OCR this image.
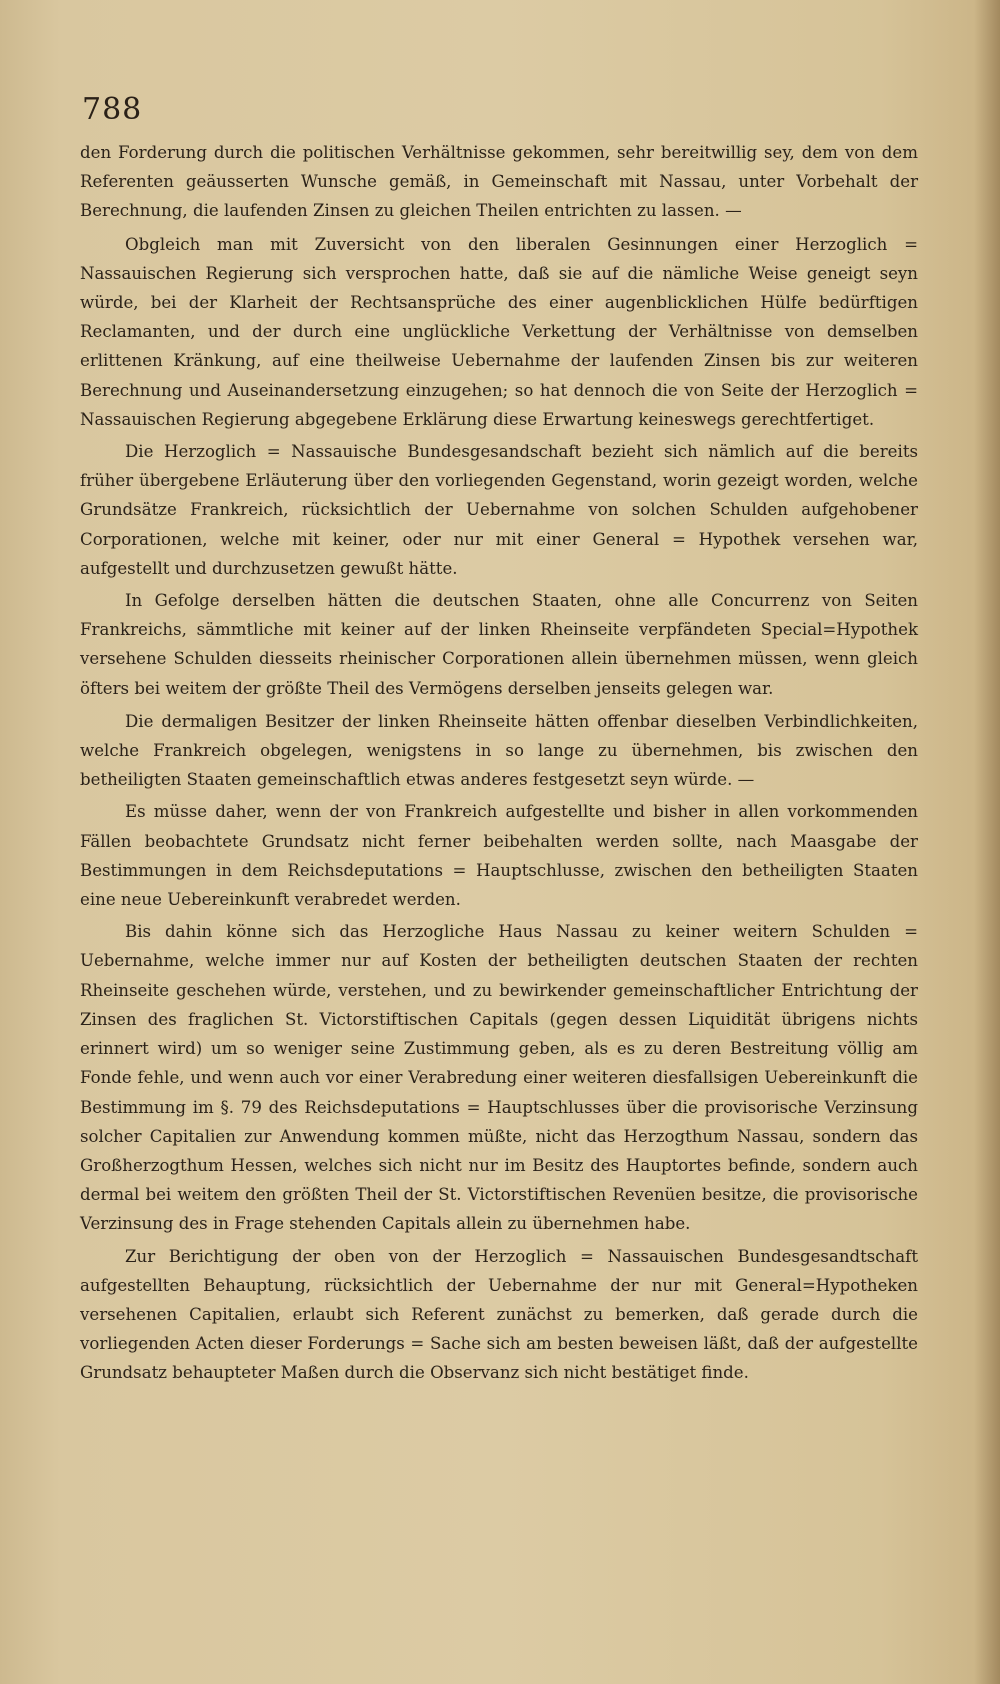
788

den Forderung durch die politischen Verhältnisse gekommen, sehr bereitwillig sey, dem von dem Referenten geäusserten Wunsche gemäß, in Gemeinschaft mit Nassau, unter Vorbehalt der Berechnung, die laufenden Zinsen zu gleichen Theilen entrichten zu lassen. —

Obgleich man mit Zuversicht von den liberalen Gesinnungen einer Herzoglich = Nassauischen Regierung sich versprochen hatte, daß sie auf die nämliche Weise geneigt seyn würde, bei der Klarheit der Rechtsansprüche des einer augenblicklichen Hülfe bedürftigen Reclamanten, und der durch eine unglückliche Verkettung der Verhältnisse von demselben erlittenen Kränkung, auf eine theilweise Uebernahme der laufenden Zinsen bis zur weiteren Berechnung und Auseinandersetzung einzugehen; so hat dennoch die von Seite der Herzoglich = Nassauischen Regierung abgegebene Erklärung diese Erwartung keineswegs gerechtfertiget.

Die Herzoglich = Nassauische Bundesgesandschaft bezieht sich nämlich auf die bereits früher übergebene Erläuterung über den vorliegenden Gegenstand, worin gezeigt worden, welche Grundsätze Frankreich, rücksichtlich der Uebernahme von solchen Schulden aufgehobener Corporationen, welche mit keiner, oder nur mit einer General = Hypothek versehen war, aufgestellt und durchzusetzen gewußt hätte.

In Gefolge derselben hätten die deutschen Staaten, ohne alle Concurrenz von Seiten Frankreichs, sämmtliche mit keiner auf der linken Rheinseite verpfändeten Special=Hypothek versehene Schulden diesseits rheinischer Corporationen allein übernehmen müssen, wenn gleich öfters bei weitem der größte Theil des Vermögens derselben jenseits gelegen war.

Die dermaligen Besitzer der linken Rheinseite hätten offenbar dieselben Verbindlichkeiten, welche Frankreich obgelegen, wenigstens in so lange zu übernehmen, bis zwischen den betheiligten Staaten gemeinschaftlich etwas anderes festgesetzt seyn würde. —

Es müsse daher, wenn der von Frankreich aufgestellte und bisher in allen vorkommenden Fällen beobachtete Grundsatz nicht ferner beibehalten werden sollte, nach Maasgabe der Bestimmungen in dem Reichsdeputations = Hauptschlusse, zwischen den betheiligten Staaten eine neue Uebereinkunft verabredet werden.

Bis dahin könne sich das Herzogliche Haus Nassau zu keiner weitern Schulden = Uebernahme, welche immer nur auf Kosten der betheiligten deutschen Staaten der rechten Rheinseite geschehen würde, verstehen, und zu bewirkender gemeinschaftlicher Entrichtung der Zinsen des fraglichen St. Victorstiftischen Capitals (gegen dessen Liquidität übrigens nichts erinnert wird) um so weniger seine Zustimmung geben, als es zu deren Bestreitung völlig am Fonde fehle, und wenn auch vor einer Verabredung einer weiteren diesfallsigen Uebereinkunft die Bestimmung im §. 79 des Reichsdeputations = Hauptschlusses über die provisorische Verzinsung solcher Capitalien zur Anwendung kommen müßte, nicht das Herzogthum Nassau, sondern das Großherzogthum Hessen, welches sich nicht nur im Besitz des Hauptortes befinde, sondern auch dermal bei weitem den größten Theil der St. Victorstiftischen Revenüen besitze, die provisorische Verzinsung des in Frage stehenden Capitals allein zu übernehmen habe.

Zur Berichtigung der oben von der Herzoglich = Nassauischen Bundesgesandtschaft aufgestellten Behauptung, rücksichtlich der Uebernahme der nur mit General=Hypotheken versehenen Capitalien, erlaubt sich Referent zunächst zu bemerken, daß gerade durch die vorliegenden Acten dieser Forderungs = Sache sich am besten beweisen läßt, daß der aufgestellte Grundsatz behaupteter Maßen durch die Observanz sich nicht bestätiget finde.
